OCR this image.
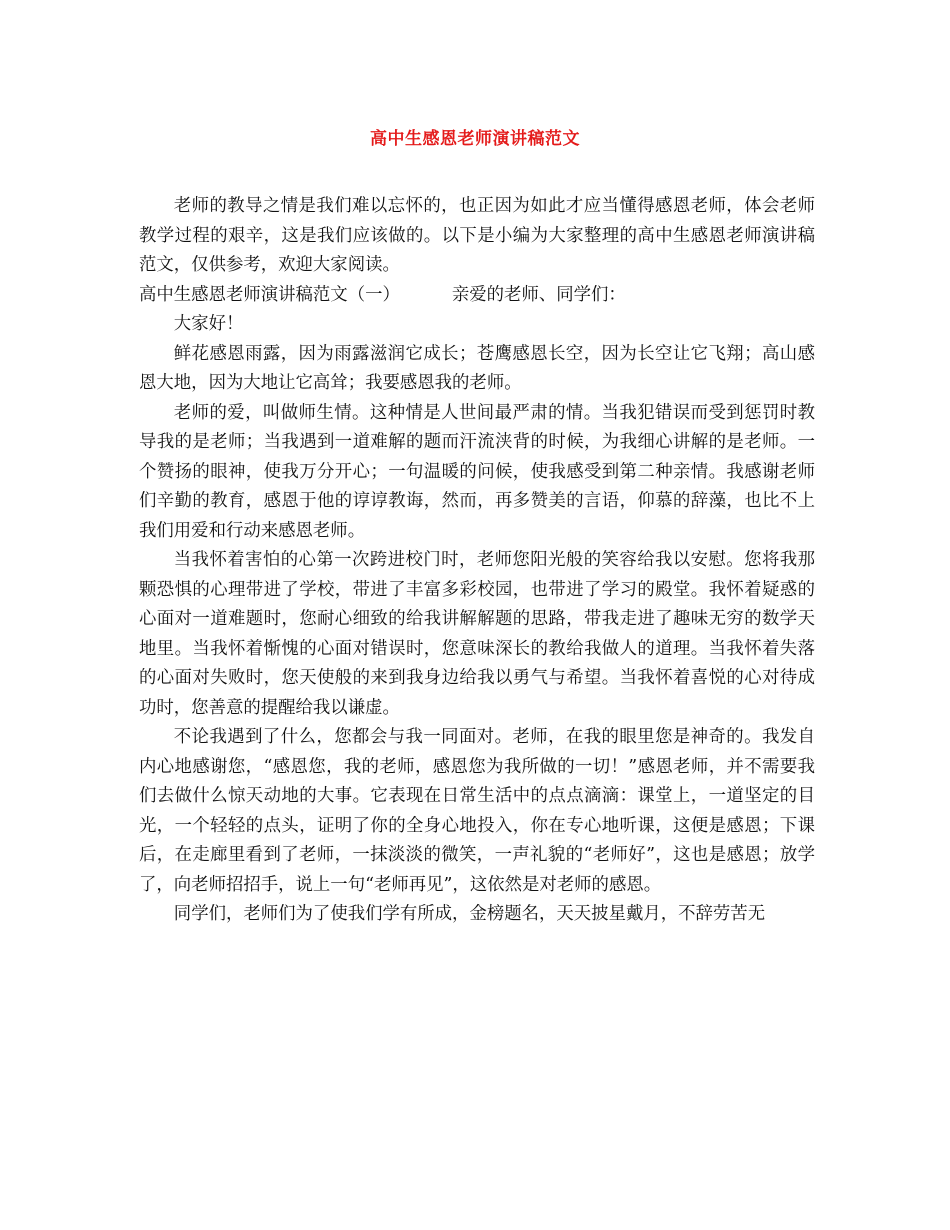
高中生感恩老师演讲稿范文

老师的教导之情是我们难以忘怀的，也正因为如此才应当懂得感恩老师，体会老师教学过程的艰辛，这是我们应该做的。以下是小编为大家整理的高中生感恩老师演讲稿范文，仅供参考，欢迎大家阅读。

高中生感恩老师演讲稿范文（一）	亲爱的老师、同学们：

大家好！

鲜花感恩雨露，因为雨露滋润它成长；苍鹰感恩长空，因为长空让它飞翔；高山感恩大地，因为大地让它高耸；我要感恩我的老师。

老师的爱，叫做师生情。这种情是人世间最严肃的情。当我犯错误而受到惩罚时教导我的是老师；当我遇到一道难解的题而汗流浃背的时候，为我细心讲解的是老师。一个赞扬的眼神，使我万分开心；一句温暖的问候，使我感受到第二种亲情。我感谢老师们辛勤的教育，感恩于他的谆谆教诲，然而，再多赞美的言语，仰慕的辞藻，也比不上我们用爱和行动来感恩老师。

当我怀着害怕的心第一次跨进校门时，老师您阳光般的笑容给我以安慰。您将我那颗恐惧的心理带进了学校，带进了丰富多彩校园，也带进了学习的殿堂。我怀着疑惑的心面对一道难题时，您耐心细致的给我讲解解题的思路，带我走进了趣味无穷的数学天地里。当我怀着惭愧的心面对错误时，您意味深长的教给我做人的道理。当我怀着失落的心面对失败时，您天使般的来到我身边给我以勇气与希望。当我怀着喜悦的心对待成功时，您善意的提醒给我以谦虚。

不论我遇到了什么，您都会与我一同面对。老师，在我的眼里您是神奇的。我发自内心地感谢您，“感恩您，我的老师，感恩您为我所做的一切！”感恩老师，并不需要我们去做什么惊天动地的大事。它表现在日常生活中的点点滴滴：课堂上，一道坚定的目光，一个轻轻的点头，证明了你的全身心地投入，你在专心地听课，这便是感恩；下课后，在走廊里看到了老师，一抹淡淡的微笑，一声礼貌的“老师好”，这也是感恩；放学了，向老师招招手，说上一句“老师再见”，这依然是对老师的感恩。

同学们，老师们为了使我们学有所成，金榜题名，天天披星戴月，不辞劳苦无
